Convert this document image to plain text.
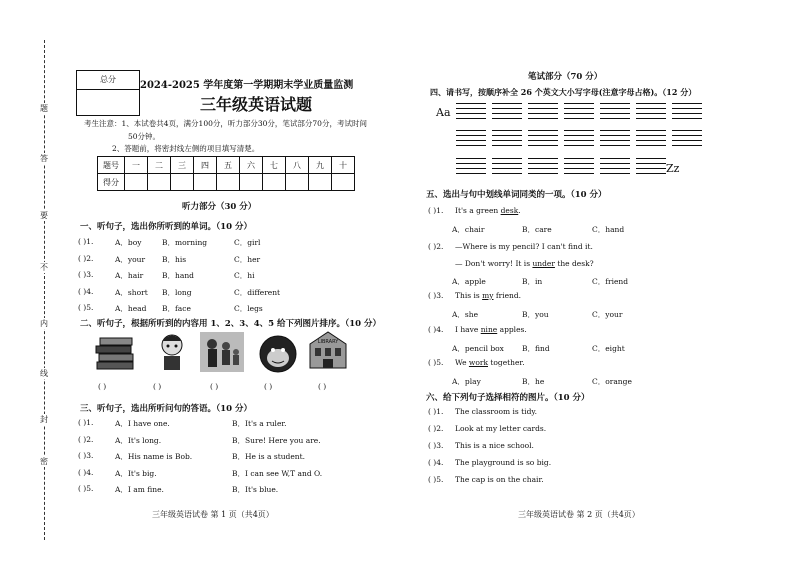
题
答
要
不
内
线
封
密
总分
2024-2025 学年度第一学期期末学业质量监测
三年级英语试题
考生注意：1、本试卷共4页，满分100分，听力部分30分，笔试部分70分，考试时间
50分钟。
2、答题前，将密封线左侧的项目填写清楚。
题号	一	二	三	四	五	六	七	八	九	十
得分										
听力部分（30 分）
一、听句子，选出你所听到的单词。（10 分）
( )1.	A．boy	B．morning	C．girl
( )2.	A．your B．his	C．her
( )3.	A．hair	B．hand	C．hi
( )4.	A．short B．long	C．different
( )5.	A．head B．face	C．legs
二、听句子，根据所听到的内容用 1、2、3、4、5 给下列图片排序。（10 分）
LIBRARY
( )	( )	( )	( )	( )
三、听句子，选出所听问句的答语。（10 分）
( )1.	A．I have one.	B．It's a ruler.
( )2.	A．It's long.	B．Sure! Here you are.
( )3.	A．His name is Bob.	B．He is a student.
( )4.	A．It's big.	B．I can see W,T and O.
( )5.	A．I am fine.	B．It's blue.
三年级英语试卷 第 1 页（共4页）
笔试部分（70 分）
四、请书写，按顺序补全 26 个英文大小写字母(注意字母占格)。（12 分）
Aa
Zz
五、选出与句中划线单词同类的一项。（10 分）
( )1. It's a green desk.
A．chair	B．care	C．hand
( )2. —Where is my pencil? I can't find it.
— Don't worry! It is under the desk?
A．apple	B．in	C．friend
( )3. This is my friend.
A．she	B．you	C．your
( )4. I have nine apples.
A．pencil box B．find	C．eight
( )5. We work together.
A．play	B．he	C．orange
六、给下列句子选择相符的图片。（10 分）
( )1. The classroom is tidy.
( )2. Look at my letter cards.
( )3. This is a nice school.
( )4. The playground is so big.
( )5. The cap is on the chair.
三年级英语试卷 第 2 页（共4页）
